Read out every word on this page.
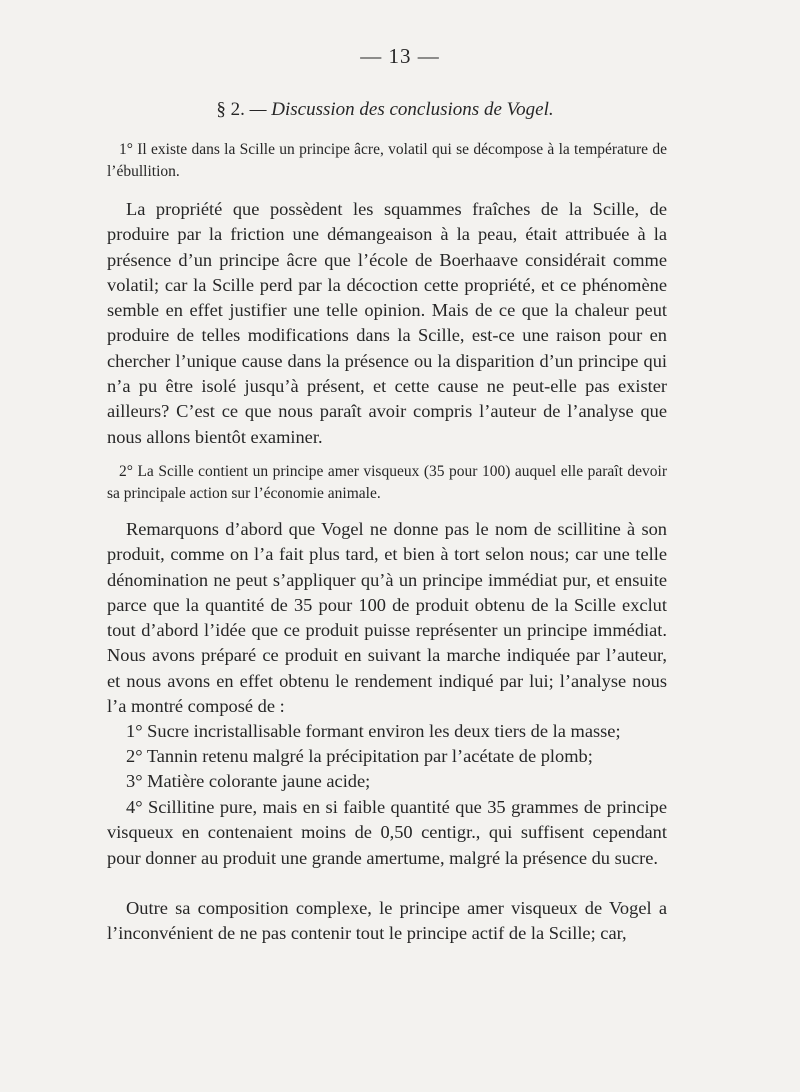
— 13 —
§ 2. — Discussion des conclusions de Vogel.
1° Il existe dans la Scille un principe âcre, volatil qui se décompose à la température de l’ébullition.
La propriété que possèdent les squammes fraîches de la Scille, de produire par la friction une démangeaison à la peau, était attribuée à la présence d’un principe âcre que l’école de Boerhaave considérait comme volatil; car la Scille perd par la décoction cette propriété, et ce phénomène semble en effet justifier une telle opinion. Mais de ce que la chaleur peut produire de telles modifications dans la Scille, est-ce une raison pour en chercher l’unique cause dans la présence ou la disparition d’un principe qui n’a pu être isolé jusqu’à présent, et cette cause ne peut-elle pas exister ailleurs? C’est ce que nous paraît avoir compris l’auteur de l’analyse que nous allons bientôt examiner.
2° La Scille contient un principe amer visqueux (35 pour 100) auquel elle paraît devoir sa principale action sur l’économie animale.
Remarquons d’abord que Vogel ne donne pas le nom de scillitine à son produit, comme on l’a fait plus tard, et bien à tort selon nous; car une telle dénomination ne peut s’appliquer qu’à un principe immédiat pur, et ensuite parce que la quantité de 35 pour 100 de produit obtenu de la Scille exclut tout d’abord l’idée que ce produit puisse représenter un principe immédiat. Nous avons préparé ce produit en suivant la marche indiquée par l’auteur, et nous avons en effet obtenu le rendement indiqué par lui; l’analyse nous l’a montré composé de :
1° Sucre incristallisable formant environ les deux tiers de la masse;
2° Tannin retenu malgré la précipitation par l’acétate de plomb;
3° Matière colorante jaune acide;
4° Scillitine pure, mais en si faible quantité que 35 grammes de principe visqueux en contenaient moins de 0,50 centigr., qui suffisent cependant pour donner au produit une grande amertume, malgré la présence du sucre.
Outre sa composition complexe, le principe amer visqueux de Vogel a l’inconvénient de ne pas contenir tout le principe actif de la Scille; car,
